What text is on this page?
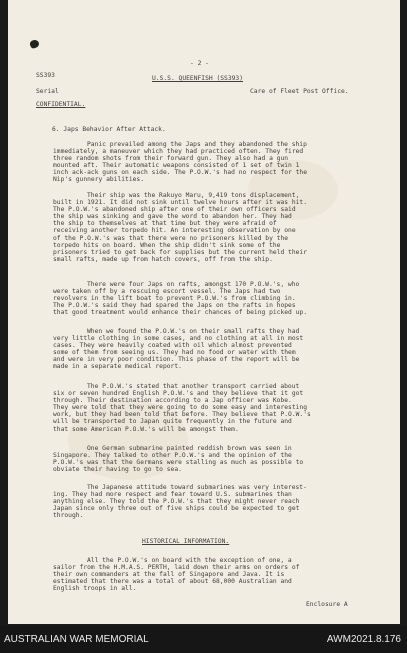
- 2 -
SS393	U.S.S. QUEENFISH (SS393)
Serial	Care of Fleet Post Office.
CONFIDENTIAL.
6. Japs Behavior After Attack.

Panic prevailed among the Japs and they abandoned the ship

immediately, a maneuver which they had practiced often. They fired

three random shots from their forward gun. They also had a gun

mounted aft. Their automatic weapons consisted of 1 set of twin 1

inch ack-ack guns on each side. The P.O.W.'s had no respect for the

Nip's gunnery abilities.

Their ship was the Rakuyo Maru, 9,419 tons displacement,

built in 1921. It did not sink until twelve hours after it was hit.

The P.O.W.'s abandoned ship after one of their own officers said

the ship was sinking and gave the word to abandon her. They had

the ship to themselves at that time but they were afraid of

receiving another torpedo hit. An interesting observation by one

of the P.O.W.'s was that there were no prisoners killed by the

torpedo hits on board. When the ship didn't sink some of the

prisoners tried to get back for supplies but the current held their

small rafts, made up from hatch covers, off from the ship.

There were four Japs on rafts, amongst 170 P.O.W.'s, who

were taken off by a rescuing escort vessel. The Japs had two

revolvers in the lift boat to prevent P.O.W.'s from climbing in.

The P.O.W.'s said they had spared the Japs on the rafts in hopes

that good treatment would enhance their chances of being picked up.

When we found the P.O.W.'s on their small rafts they had

very little clothing in some cases, and no clothing at all in most

cases. They were heavily coated with oil which almost prevented

some of them from seeing us. They had no food or water with them

and were in very poor condition. This phase of the report will be

made in a separate medical report.

The P.O.W.'s stated that another transport carried about

six or seven hundred English P.O.W.'s and they believe that it got

through. Their destination according to a Jap officer was Kobe.

They were told that they were going to do some easy and interesting

work, but they had been told that before. They believe that P.O.W.'s

will be transported to Japan quite frequently in the future and

that some American P.O.W.'s will be amongst them.

One German submarine painted reddish brown was seen in

Singapore. They talked to other P.O.W.'s and the opinion of the

P.O.W.'s was that the Germans were stalling as much as possible to

obviate their having to go to sea.

The Japanese attitude toward submarines was very interest-

ing. They had more respect and fear toward U.S. submarines than

anything else. They told the P.O.W.'s that they might never reach

Japan since only three out of five ships could be expected to get

through.

HISTORICAL INFORMATION.

All the P.O.W.'s on board with the exception of one, a

sailor from the H.M.A.S. PERTH, laid down their arms on orders of

their own commanders at the fall of Singapore and Java. It is

estimated that there was a total of about 68,000 Australian and

English troops in all.

Enclosure A
AUSTRALIAN WAR MEMORIAL	AWM2021.8.176
